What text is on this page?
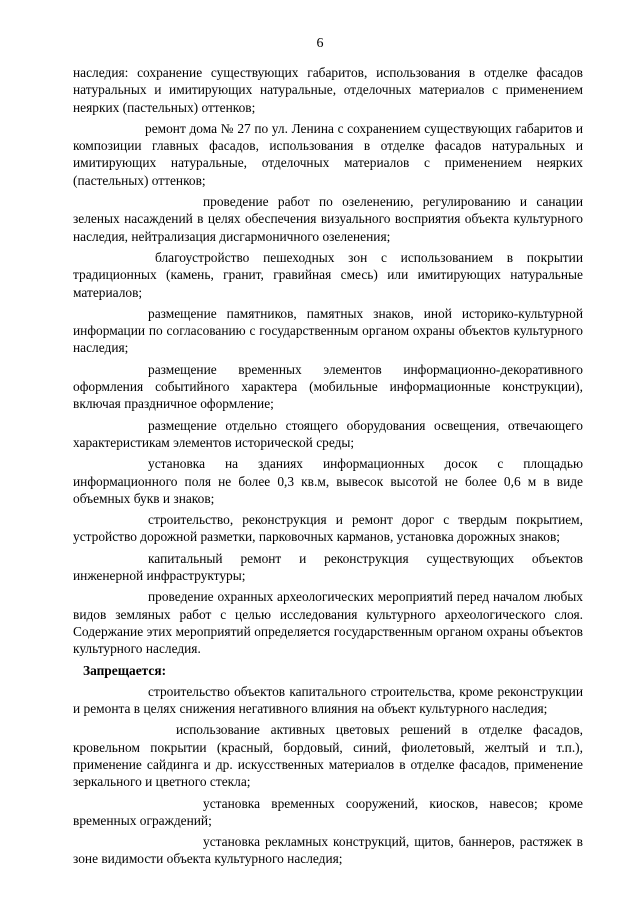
6

наследия: сохранение существующих габаритов, использования в отделке фасадов натуральных и имитирующих натуральные, отделочных материалов с применением неярких (пастельных) оттенков;

ремонт дома № 27 по ул. Ленина с сохранением существующих габаритов и композиции главных фасадов, использования в отделке фасадов натуральных и имитирующих натуральные, отделочных материалов с применением неярких (пастельных) оттенков;

проведение работ по озеленению, регулированию и санации зеленых насаждений в целях обеспечения визуального восприятия объекта культурного наследия, нейтрализация дисгармоничного озеленения;

благоустройство пешеходных зон с использованием в покрытии традиционных (камень, гранит, гравийная смесь) или имитирующих натуральные материалов;

размещение памятников, памятных знаков, иной историко-культурной информации по согласованию с государственным органом охраны объектов культурного наследия;

размещение временных элементов информационно-декоративного оформления событийного характера (мобильные информационные конструкции), включая праздничное оформление;

размещение отдельно стоящего оборудования освещения, отвечающего характеристикам элементов исторической среды;

установка на зданиях информационных досок с площадью информационного поля не более 0,3 кв.м, вывесок высотой не более 0,6 м в виде объемных букв и знаков;

строительство, реконструкция и ремонт дорог с твердым покрытием, устройство дорожной разметки, парковочных карманов, установка дорожных знаков;

капитальный ремонт и реконструкция существующих объектов инженерной инфраструктуры;

проведение охранных археологических мероприятий перед началом любых видов земляных работ с целью исследования культурного археологического слоя. Содержание этих мероприятий определяется государственным органом охраны объектов культурного наследия.

Запрещается:

строительство объектов капитального строительства, кроме реконструкции и ремонта в целях снижения негативного влияния на объект культурного наследия;

использование активных цветовых решений в отделке фасадов, кровельном покрытии (красный, бордовый, синий, фиолетовый, желтый и т.п.), применение сайдинга и др. искусственных материалов в отделке фасадов, применение зеркального и цветного стекла;

установка временных сооружений, киосков, навесов; кроме временных ограждений;

установка рекламных конструкций, щитов, баннеров, растяжек в зоне видимости объекта культурного наследия;
